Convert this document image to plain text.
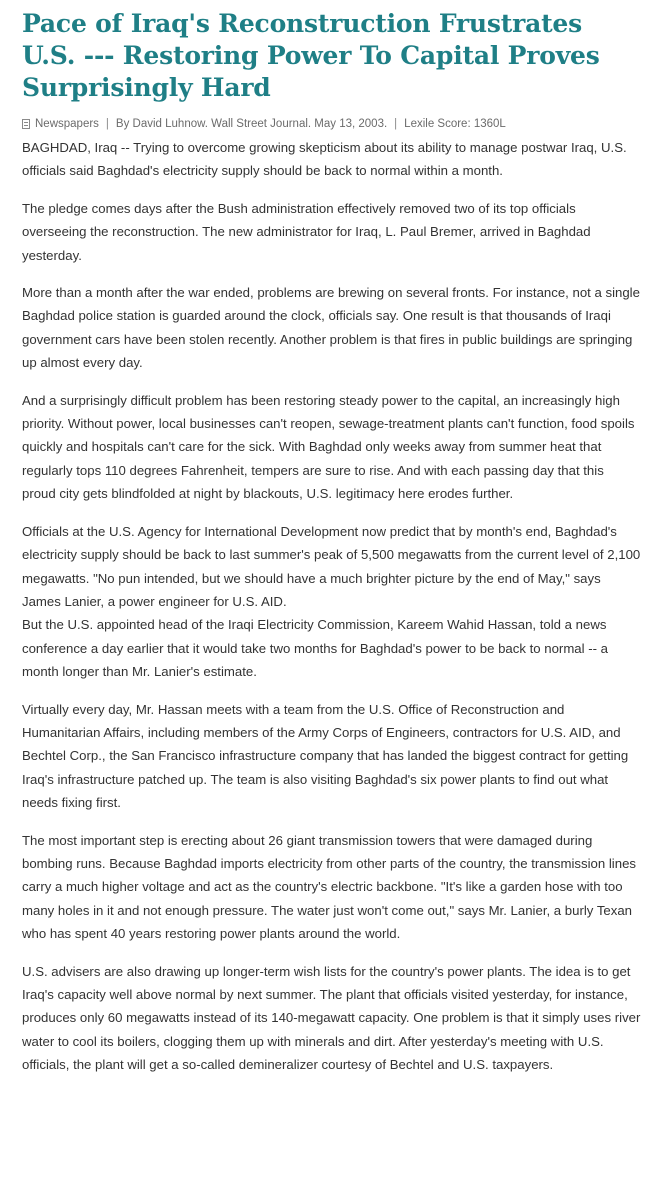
Pace of Iraq's Reconstruction Frustrates U.S. --- Restoring Power To Capital Proves Surprisingly Hard
Newspapers | By David Luhnow. Wall Street Journal. May 13, 2003. | Lexile Score: 1360L

BAGHDAD, Iraq -- Trying to overcome growing skepticism about its ability to manage postwar Iraq, U.S. officials said Baghdad's electricity supply should be back to normal within a month.

The pledge comes days after the Bush administration effectively removed two of its top officials overseeing the reconstruction. The new administrator for Iraq, L. Paul Bremer, arrived in Baghdad yesterday.

More than a month after the war ended, problems are brewing on several fronts. For instance, not a single Baghdad police station is guarded around the clock, officials say. One result is that thousands of Iraqi government cars have been stolen recently. Another problem is that fires in public buildings are springing up almost every day.

And a surprisingly difficult problem has been restoring steady power to the capital, an increasingly high priority. Without power, local businesses can't reopen, sewage-treatment plants can't function, food spoils quickly and hospitals can't care for the sick. With Baghdad only weeks away from summer heat that regularly tops 110 degrees Fahrenheit, tempers are sure to rise. And with each passing day that this proud city gets blindfolded at night by blackouts, U.S. legitimacy here erodes further.

Officials at the U.S. Agency for International Development now predict that by month's end, Baghdad's electricity supply should be back to last summer's peak of 5,500 megawatts from the current level of 2,100 megawatts. "No pun intended, but we should have a much brighter picture by the end of May," says James Lanier, a power engineer for U.S. AID.

But the U.S. appointed head of the Iraqi Electricity Commission, Kareem Wahid Hassan, told a news conference a day earlier that it would take two months for Baghdad's power to be back to normal -- a month longer than Mr. Lanier's estimate.

Virtually every day, Mr. Hassan meets with a team from the U.S. Office of Reconstruction and Humanitarian Affairs, including members of the Army Corps of Engineers, contractors for U.S. AID, and Bechtel Corp., the San Francisco infrastructure company that has landed the biggest contract for getting Iraq's infrastructure patched up. The team is also visiting Baghdad's six power plants to find out what needs fixing first.

The most important step is erecting about 26 giant transmission towers that were damaged during bombing runs. Because Baghdad imports electricity from other parts of the country, the transmission lines carry a much higher voltage and act as the country's electric backbone. "It's like a garden hose with too many holes in it and not enough pressure. The water just won't come out," says Mr. Lanier, a burly Texan who has spent 40 years restoring power plants around the world.

U.S. advisers are also drawing up longer-term wish lists for the country's power plants. The idea is to get Iraq's capacity well above normal by next summer. The plant that officials visited yesterday, for instance, produces only 60 megawatts instead of its 140-megawatt capacity. One problem is that it simply uses river water to cool its boilers, clogging them up with minerals and dirt. After yesterday's meeting with U.S. officials, the plant will get a so-called demineralizer courtesy of Bechtel and U.S. taxpayers.
